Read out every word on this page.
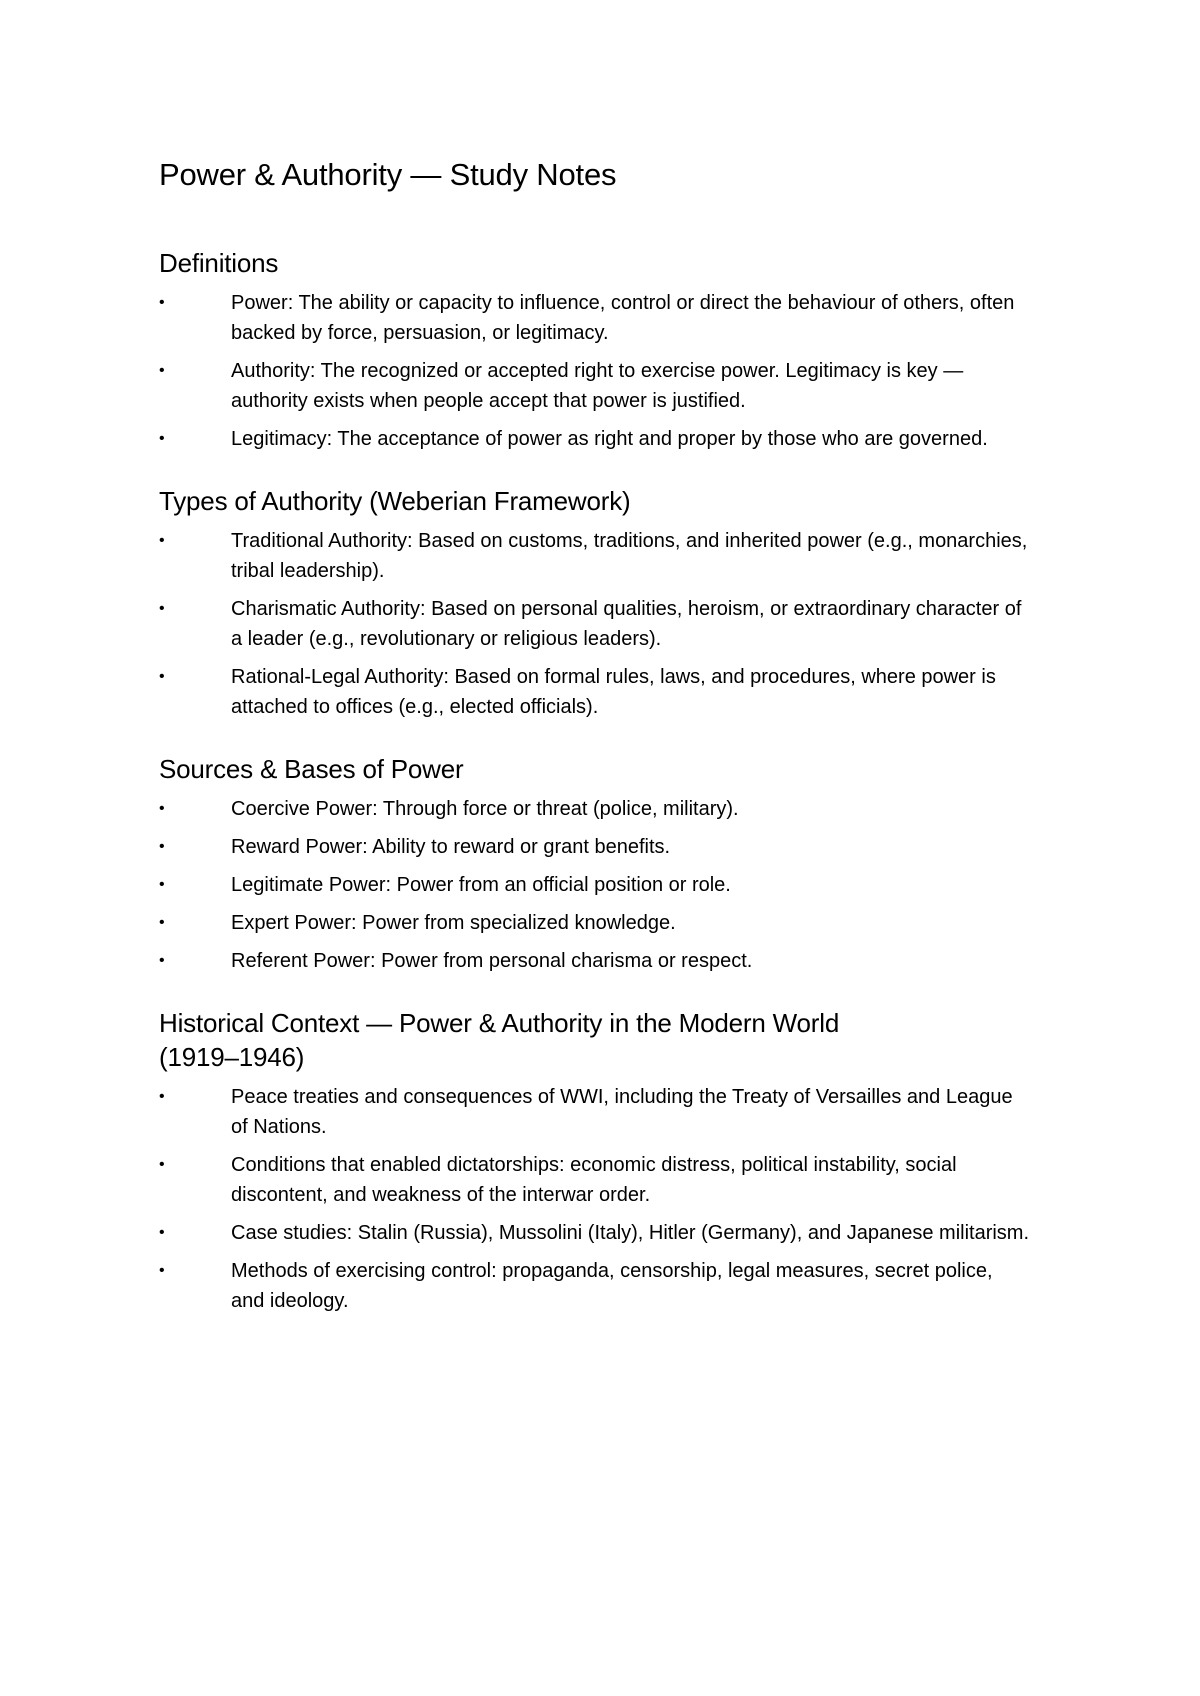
Power & Authority — Study Notes
Definitions
•	Power: The ability or capacity to influence, control or direct the behaviour of others, often backed by force, persuasion, or legitimacy.
•	Authority: The recognized or accepted right to exercise power. Legitimacy is key — authority exists when people accept that power is justified.
•	Legitimacy: The acceptance of power as right and proper by those who are governed.
Types of Authority (Weberian Framework)
•	Traditional Authority: Based on customs, traditions, and inherited power (e.g., monarchies, tribal leadership).
•	Charismatic Authority: Based on personal qualities, heroism, or extraordinary character of a leader (e.g., revolutionary or religious leaders).
•	Rational-Legal Authority: Based on formal rules, laws, and procedures, where power is attached to offices (e.g., elected officials).
Sources & Bases of Power
•	Coercive Power: Through force or threat (police, military).
•	Reward Power: Ability to reward or grant benefits.
•	Legitimate Power: Power from an official position or role.
•	Expert Power: Power from specialized knowledge.
•	Referent Power: Power from personal charisma or respect.
Historical Context — Power & Authority in the Modern World (1919–1946)
•	Peace treaties and consequences of WWI, including the Treaty of Versailles and League of Nations.
•	Conditions that enabled dictatorships: economic distress, political instability, social discontent, and weakness of the interwar order.
•	Case studies: Stalin (Russia), Mussolini (Italy), Hitler (Germany), and Japanese militarism.
•	Methods of exercising control: propaganda, censorship, legal measures, secret police, and ideology.
